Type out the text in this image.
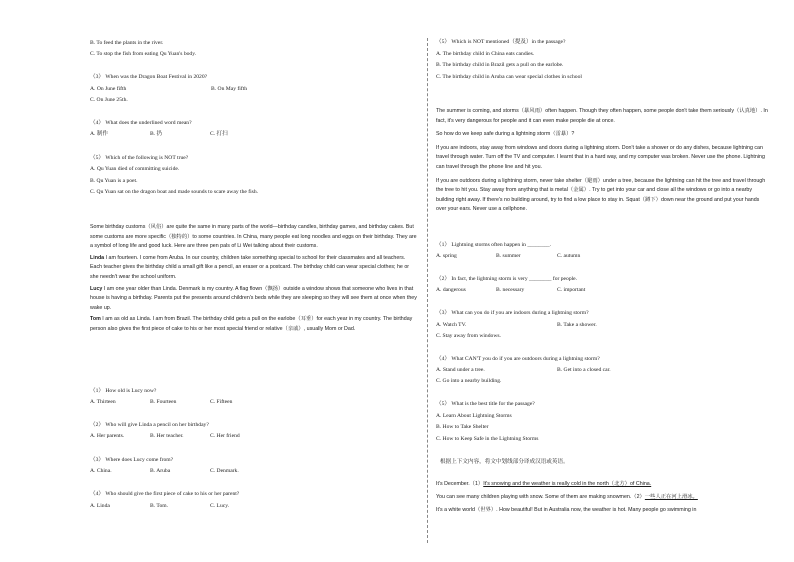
B. To feed the plants in the river.
C. To stop the fish from eating Qu Yuan's body.
（3） When was the Dragon Boat Festival in 2020?
A. On June fifth	B. On May fifth
C. On June 25th.
（4） What does the underlined word mean?
A. 制作	B. 扔	C. 打扫
（5） Which of the following is NOT true?
A. Qu Yuan died of committing suicide.
B. Qu Yuan is a poet.
C. Qu Yuan sat on the dragon boat and made sounds to scare away the fish.

Some birthday customs（风俗）are quite the same in many parts of the world—birthday candles, birthday games, and birthday cakes. But some customs are more specific（独特的）to some countries. In China, many people eat long noodles and eggs on their birthday. They are a symbol of long life and good luck. Here are three pen pals of Li Wei talking about their customs.

Linda I am fourteen. I come from Aruba. In our country, children take something special to school for their classmates and all teachers. Each teacher gives the birthday child a small gift like a pencil, an eraser or a postcard. The birthday child can wear special clothes; he or she needn't wear the school uniform.

Lucy I am one year older than Linda. Denmark is my country. A flag flown（飘扬）outside a window shows that someone who lives in that house is having a birthday. Parents put the presents around children's beds while they are sleeping so they will see them at once when they wake up.

Tom I am as old as Linda. I am from Brazil. The birthday child gets a pull on the earlobe（耳垂）for each year in my country. The birthday person also gives the first piece of cake to his or her most special friend or relative（亲戚）, usually Mom or Dad.

（1） How old is Lucy now?
A. Thirteen	B. Fourteen	C. Fifteen
（2） Who will give Linda a pencil on her birthday?
A. Her parents.	B. Her teacher.	C. Her friend
（3） Where does Lucy come from?
A. China.	B. Aruba	C. Denmark.
（4） Who should give the first piece of cake to his or her parent?
A. Linda	B. Tom.	C. Lucy.
（5） Which is NOT mentioned（提及）in the passage?
A. The birthday child in China eats candies.
B. The birthday child in Brazil gets a pull on the earlobe.
C. The birthday child in Aruba can wear special clothes in school

The summer is coming, and storms（暴风雨）often happen. Though they often happen, some people don't take them seriously（认真地）. In fact, it's very dangerous for people and it can even make people die at once.

So how do we keep safe during a lightning storm（雷暴）?

If you are indoors, stay away from windows and doors during a lightning storm. Don't take a shower or do any dishes, because lightning can travel through water. Turn off the TV and computer. I learnt that in a hard way, and my computer was broken. Never use the phone. Lightning can travel through the phone line and hit you.

If you are outdoors during a lightning storm, never take shelter（避雨）under a tree, because the lightning can hit the tree and travel through the tree to hit you. Stay away from anything that is metal（金属）. Try to get into your car and close all the windows or go into a nearby building right away. If there's no building around, try to find a low place to stay in. Squat（蹲下）down near the ground and put your hands over your ears. Never use a cellphone.

（1） Lightning storms often happen in ________.
A. spring	B. summer	C. autumn
（2） In fact, the lightning storm is very ________ for people.
A. dangerous	B. necessary	C. important
（3） What can you do if you are indoors during a lightning storm?
A. Watch TV.	B. Take a shower.
C. Stay away from windows.
（4） What CAN'T you do if you are outdoors during a lightning storm?
A. Stand under a tree.	B. Get into a closed car.
C. Go into a nearby building.
（5） What is the best title for the passage?
A. Learn About Lightning Storms
B. How to Take Shelter
C. How to Keep Safe in the Lightning Storms
根据上下文内容，将文中划线部分译成汉语或英语。
It's December.（1）It's snowing and the weather is really cold in the north（北方）of China.
You can see many children playing with snow. Some of them are making snowmen.（2）一些人正在河上滑冰。
It's a white world（世界）. How beautiful! But in Australia now, the weather is hot. Many people go swimming in
